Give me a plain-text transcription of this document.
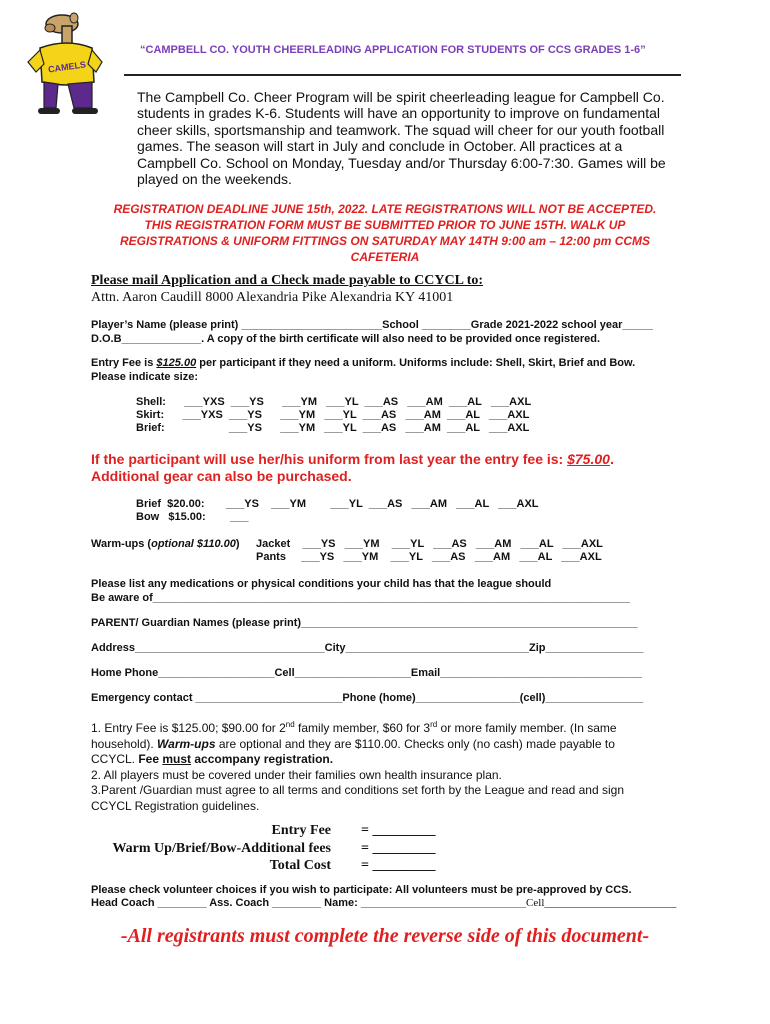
CAMELS
“CAMPBELL CO. YOUTH CHEERLEADING APPLICATION FOR STUDENTS OF CCS GRADES 1-6”
The Campbell Co. Cheer Program will be spirit cheerleading league for Campbell Co.
students in grades K-6. Students will have an opportunity to improve on fundamental
cheer skills, sportsmanship and teamwork. The squad will cheer for our youth football
games. The season will start in July and conclude in October. All practices at a
Campbell Co. School on Monday, Tuesday and/or Thursday 6:00-7:30. Games will be
played on the weekends.
REGISTRATION DEADLINE JUNE 15th, 2022. LATE REGISTRATIONS WILL NOT BE ACCEPTED.
THIS REGISTRATION FORM MUST BE SUBMITTED PRIOR TO JUNE 15TH. WALK UP
REGISTRATIONS & UNIFORM FITTINGS ON SATURDAY MAY 14TH 9:00 am – 12:00 pm CCMS
CAFETERIA
Please mail Application and a Check made payable to CCYCL to:
Attn. Aaron Caudill 8000 Alexandria Pike Alexandria KY 41001
Player’s Name (please print) _______________________School ________Grade 2021-2022 school year_____
D.O.B_____________. A copy of the birth certificate will also need to be provided once registered.
Entry Fee is $125.00 per participant if they need a uniform. Uniforms include: Shell, Skirt, Brief and Bow.
Please indicate size:
Shell:      ___YXS  ___YS      ___YM   ___YL  ___AS   ___AM  ___AL   ___AXL
Skirt:      ___YXS  ___YS      ___YM   ___YL  ___AS   ___AM  ___AL   ___AXL
Brief:                     ___YS      ___YM   ___YL  ___AS   ___AM  ___AL   ___AXL
If the participant will use her/his uniform from last year the entry fee is: $75.00.
Additional gear can also be purchased.
Brief  $20.00:       ___YS    ___YM        ___YL  ___AS   ___AM   ___AL   ___AXL
Bow   $15.00:        ___
Warm-ups (optional $110.00) Jacket    ___YS   ___YM    ___YL   ___AS   ___AM   ___AL   ___AXL
Pants     ___YS   ___YM    ___YL   ___AS   ___AM   ___AL   ___AXL
Please list any medications or physical conditions your child has that the league should
Be aware of______________________________________________________________________________
PARENT/ Guardian Names (please print)_______________________________________________________
Address_______________________________City______________________________Zip________________
Home Phone___________________Cell___________________Email_________________________________
Emergency contact ________________________Phone (home)_________________(cell)________________
1. Entry Fee is $125.00; $90.00 for 2nd family member, $60 for 3rd or more family member. (In same
household). Warm-ups are optional and they are $110.00. Checks only (no cash) made payable to
CCYCL. Fee must accompany registration.
2. All players must be covered under their families own health insurance plan.
3.Parent /Guardian must agree to all terms and conditions set forth by the League and read and sign
CCYCL Registration guidelines.
Entry Fee = _________
Warm Up/Brief/Bow-Additional fees = _________
Total Cost = _________
Please check volunteer choices if you wish to participate: All volunteers must be pre-approved by CCS.
Head Coach ________ Ass. Coach ________ Name: ___________________________Cell________________________
-All registrants must complete the reverse side of this document-
